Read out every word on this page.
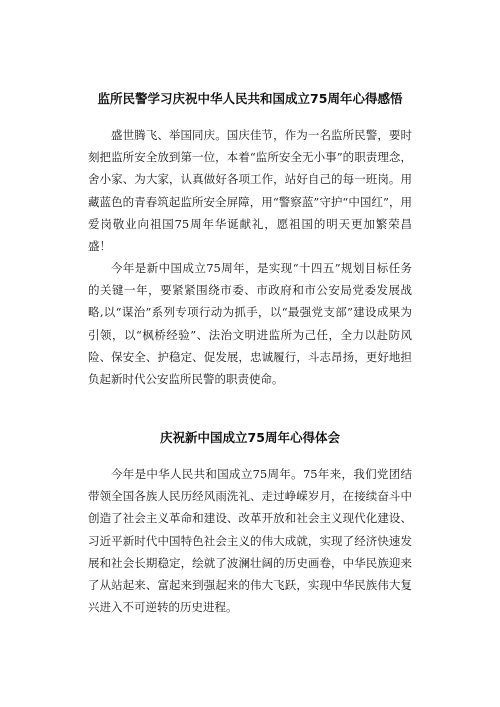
监所民警学习庆祝中华人民共和国成立75周年心得感悟

盛世腾飞、举国同庆。国庆佳节，作为一名监所民警，要时刻把监所安全放到第一位，本着“监所安全无小事”的职责理念，舍小家、为大家，认真做好各项工作，站好自己的每一班岗。用藏蓝色的青春筑起监所安全屏障，用“警察蓝”守护“中国红”，用爱岗敬业向祖国75周年华诞献礼，愿祖国的明天更加繁荣昌盛！

今年是新中国成立75周年，是实现“十四五”规划目标任务的关键一年，要紧紧围绕市委、市政府和市公安局党委发展战略,以“谋治”系列专项行动为抓手，以“最强党支部”建设成果为引领，以“枫桥经验”、法治文明进监所为己任，全力以赴防风险、保安全、护稳定、促发展，忠诚履行，斗志昂扬，更好地担负起新时代公安监所民警的职责使命。

庆祝新中国成立75周年心得体会

今年是中华人民共和国成立75周年。75年来，我们党团结带领全国各族人民历经风雨洗礼、走过峥嵘岁月，在接续奋斗中创造了社会主义革命和建设、改革开放和社会主义现代化建设、习近平新时代中国特色社会主义的伟大成就，实现了经济快速发展和社会长期稳定，绘就了波澜壮阔的历史画卷，中华民族迎来了从站起来、富起来到强起来的伟大飞跃，实现中华民族伟大复兴进入不可逆转的历史进程。
